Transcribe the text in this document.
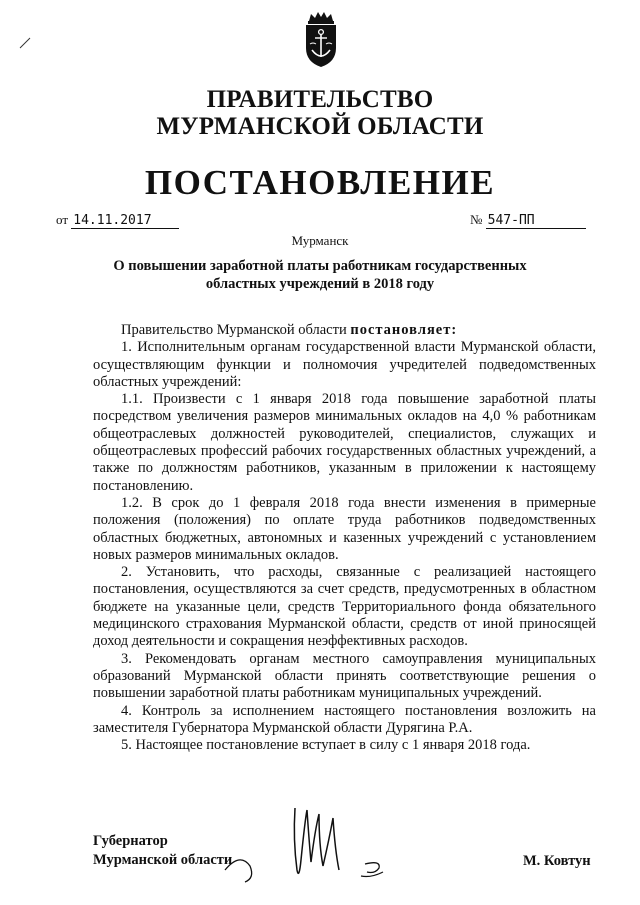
ПРАВИТЕЛЬСТВО
МУРМАНСКОЙ ОБЛАСТИ
ПОСТАНОВЛЕНИЕ
от 14.11.2017	№ 547-ПП
Мурманск
О повышении заработной платы работникам государственных
областных учреждений в 2018 году

Правительство Мурманской области постановляет:

1. Исполнительным органам государственной власти Мурманской области, осуществляющим функции и полномочия учредителей подведомственных областных учреждений:

1.1. Произвести с 1 января 2018 года повышение заработной платы посредством увеличения размеров минимальных окладов на 4,0 % работникам общеотраслевых должностей руководителей, специалистов, служащих и общеотраслевых профессий рабочих государственных областных учреждений, а также по должностям работников, указанным в приложении к настоящему постановлению.

1.2. В срок до 1 февраля 2018 года внести изменения в примерные положения (положения) по оплате труда работников подведомственных областных бюджетных, автономных и казенных учреждений с установлением новых размеров минимальных окладов.

2. Установить, что расходы, связанные с реализацией настоящего постановления, осуществляются за счет средств, предусмотренных в областном бюджете на указанные цели, средств Территориального фонда обязательного медицинского страхования Мурманской области, средств от иной приносящей доход деятельности и сокращения неэффективных расходов.

3. Рекомендовать органам местного самоуправления муниципальных образований Мурманской области принять соответствующие решения о повышении заработной платы работникам муниципальных учреждений.

4. Контроль за исполнением настоящего постановления возложить на заместителя Губернатора Мурманской области Дурягина Р.А.

5. Настоящее постановление вступает в силу с 1 января 2018 года.

Губернатор
Мурманской области	М. Ковтун
